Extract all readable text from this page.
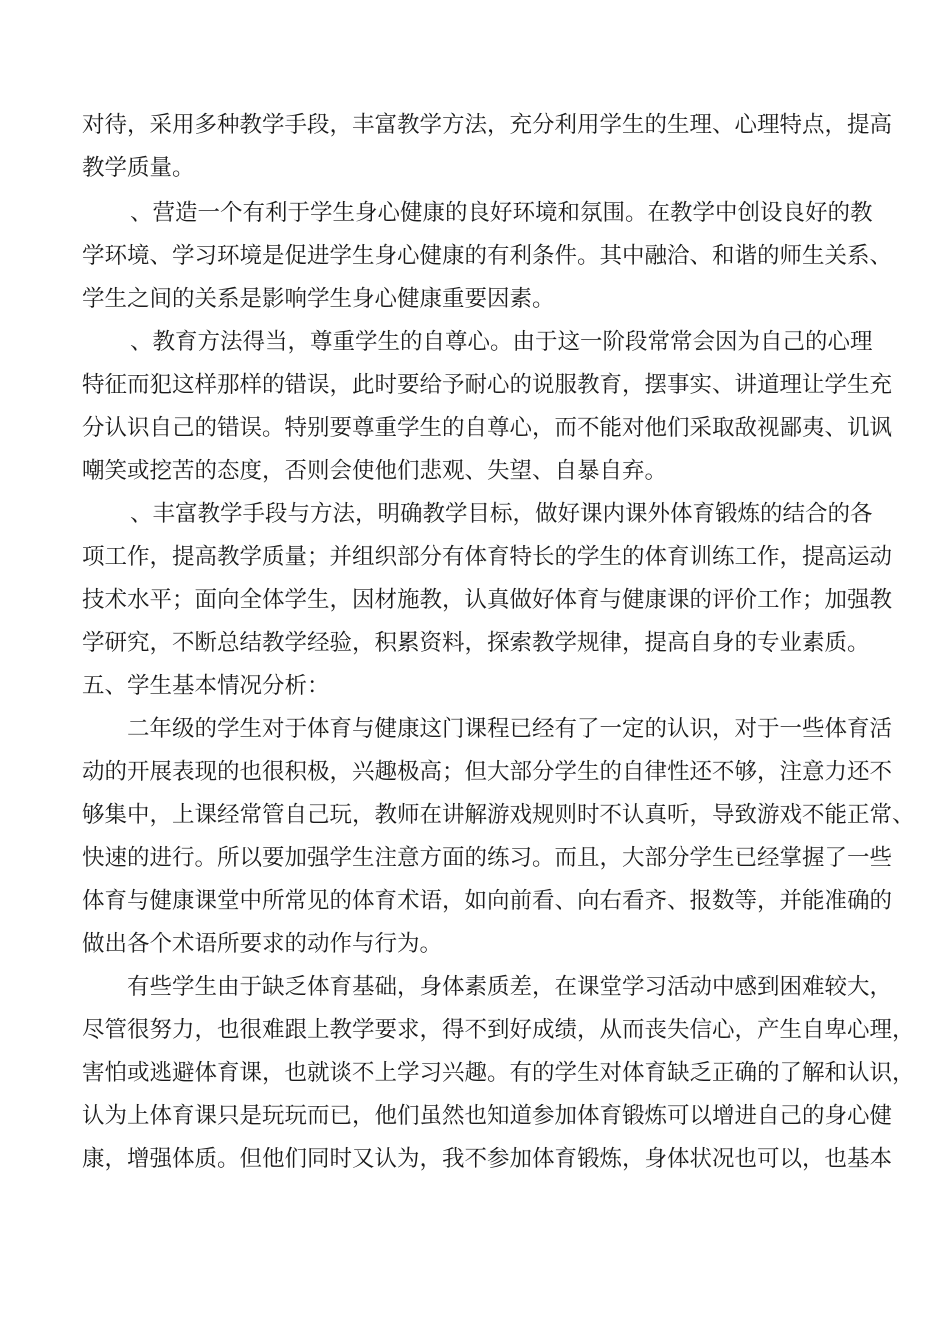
对待，采用多种教学手段，丰富教学方法，充分利用学生的生理、心理特点，提高
教学质量。
、营造一个有利于学生身心健康的良好环境和氛围。在教学中创设良好的教
学环境、学习环境是促进学生身心健康的有利条件。其中融洽、和谐的师生关系、
学生之间的关系是影响学生身心健康重要因素。
、教育方法得当，尊重学生的自尊心。由于这一阶段常常会因为自己的心理
特征而犯这样那样的错误，此时要给予耐心的说服教育，摆事实、讲道理让学生充
分认识自己的错误。特别要尊重学生的自尊心，而不能对他们采取敌视鄙夷、讥讽
嘲笑或挖苦的态度，否则会使他们悲观、失望、自暴自弃。
、丰富教学手段与方法，明确教学目标，做好课内课外体育锻炼的结合的各
项工作，提高教学质量；并组织部分有体育特长的学生的体育训练工作，提高运动
技术水平；面向全体学生，因材施教，认真做好体育与健康课的评价工作；加强教
学研究，不断总结教学经验，积累资料，探索教学规律，提高自身的专业素质。
五、学生基本情况分析：
二年级的学生对于体育与健康这门课程已经有了一定的认识，对于一些体育活
动的开展表现的也很积极，兴趣极高；但大部分学生的自律性还不够，注意力还不
够集中，上课经常管自己玩，教师在讲解游戏规则时不认真听，导致游戏不能正常、
快速的进行。所以要加强学生注意方面的练习。而且，大部分学生已经掌握了一些
体育与健康课堂中所常见的体育术语，如向前看、向右看齐、报数等，并能准确的
做出各个术语所要求的动作与行为。
有些学生由于缺乏体育基础，身体素质差，在课堂学习活动中感到困难较大，
尽管很努力，也很难跟上教学要求，得不到好成绩，从而丧失信心，产生自卑心理，
害怕或逃避体育课，也就谈不上学习兴趣。有的学生对体育缺乏正确的了解和认识，
认为上体育课只是玩玩而已，他们虽然也知道参加体育锻炼可以增进自己的身心健
康，增强体质。但他们同时又认为，我不参加体育锻炼，身体状况也可以，也基本
